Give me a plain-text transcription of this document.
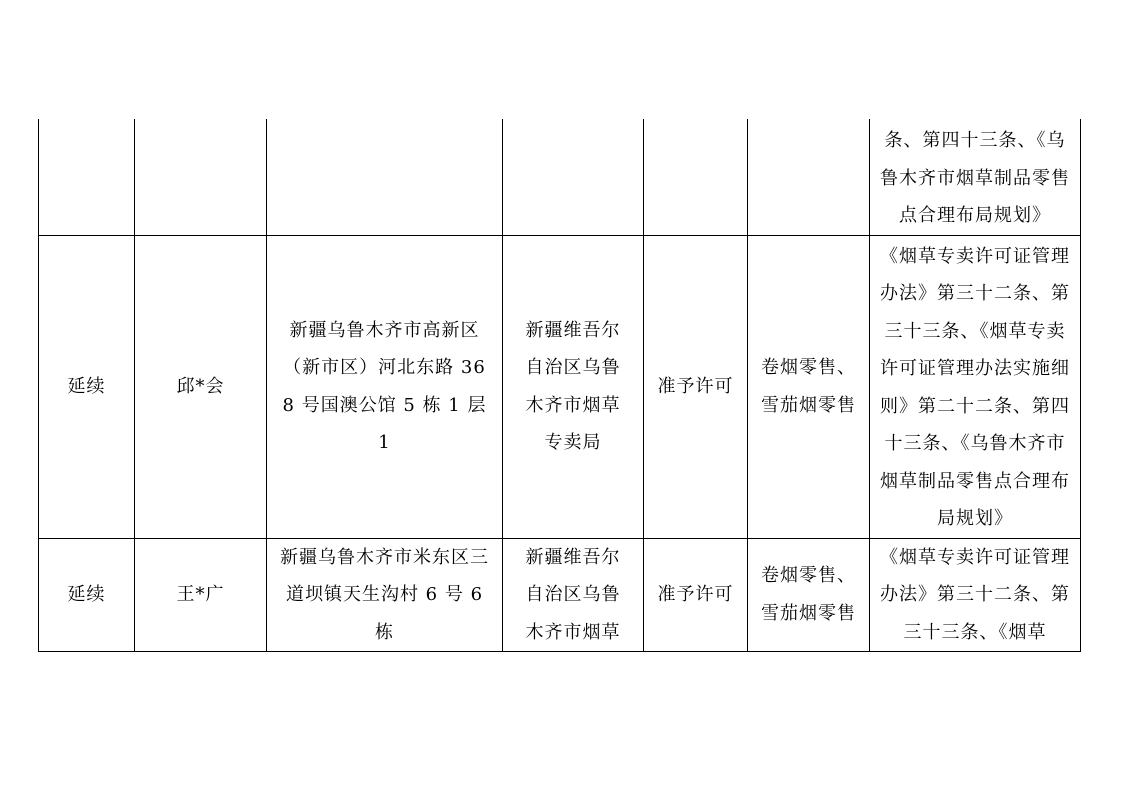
						条、第四十三条、《乌鲁木齐市烟草制品零售点合理布局规划》
延续	邱*会	新疆乌鲁木齐市高新区（新市区）河北东路 368 号国澳公馆 5 栋 1 层 1	新疆维吾尔自治区乌鲁木齐市烟草专卖局	准予许可	卷烟零售、雪茄烟零售	《烟草专卖许可证管理办法》第三十二条、第三十三条、《烟草专卖许可证管理办法实施细则》第二十二条、第四十三条、《乌鲁木齐市烟草制品零售点合理布局规划》
延续	王*广	新疆乌鲁木齐市米东区三道坝镇天生沟村 6 号 6 栋	新疆维吾尔自治区乌鲁木齐市烟草	准予许可	卷烟零售、雪茄烟零售	《烟草专卖许可证管理办法》第三十二条、第三十三条、《烟草
